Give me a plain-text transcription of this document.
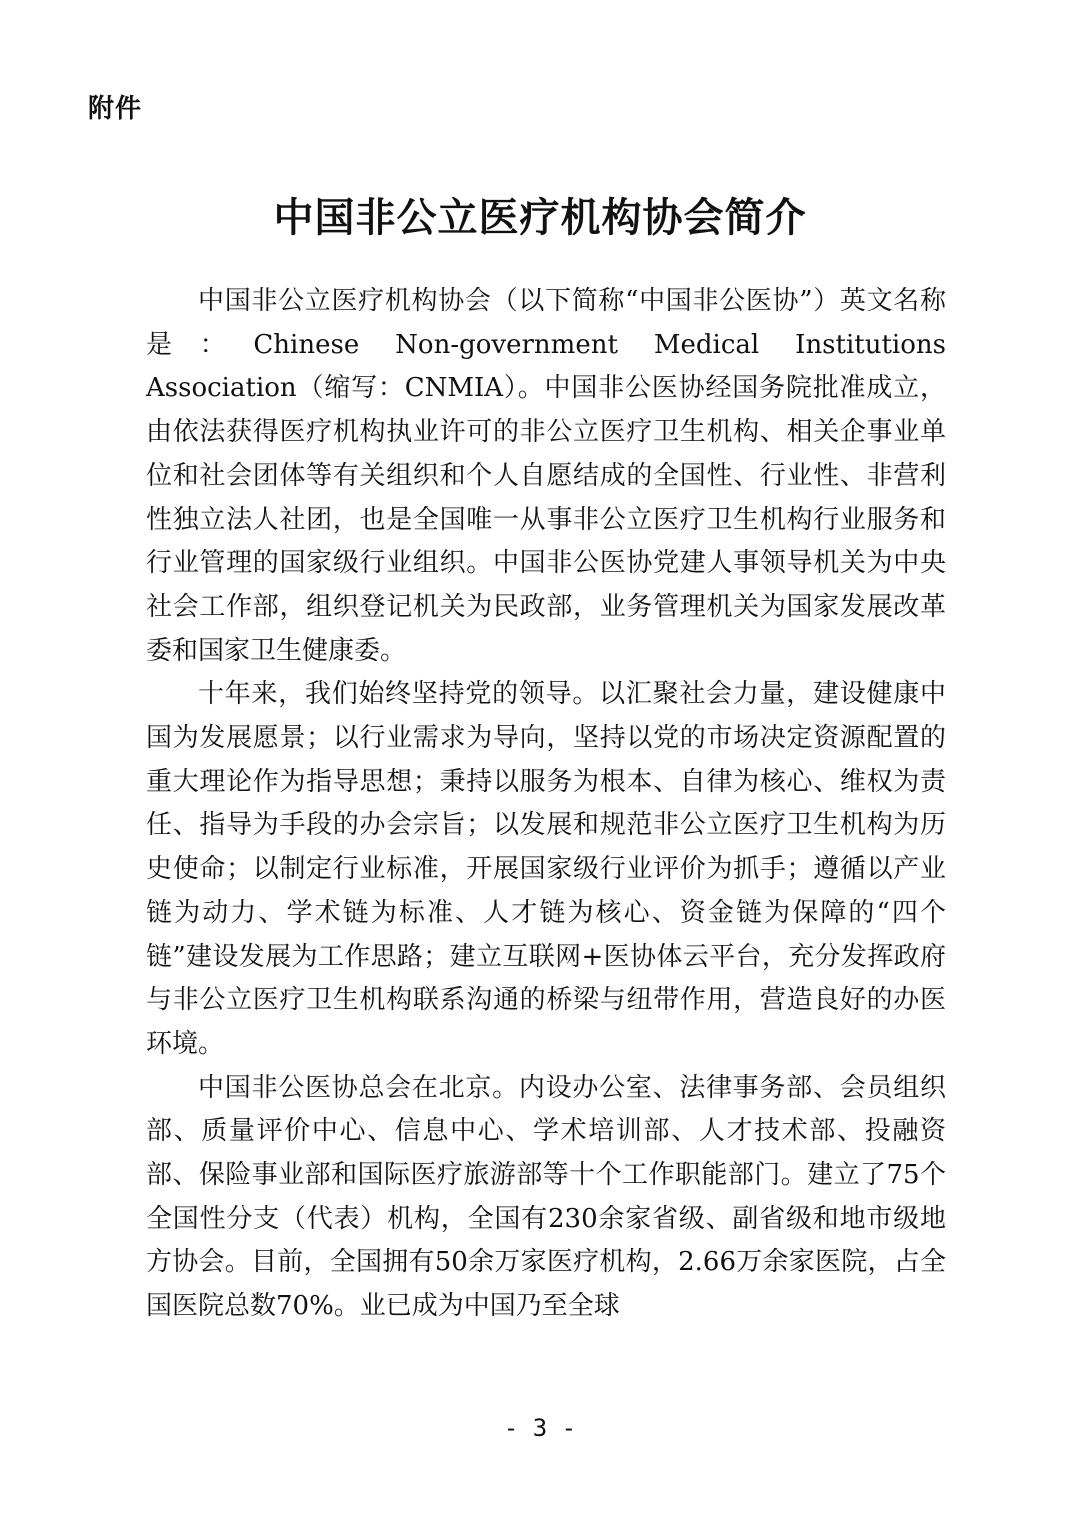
附件
中国非公立医疗机构协会简介

中国非公立医疗机构协会（以下简称“中国非公医协”）英文名称是：Chinese Non-government Medical Institutions Association（缩写：CNMIA）。中国非公医协经国务院批准成立，由依法获得医疗机构执业许可的非公立医疗卫生机构、相关企事业单位和社会团体等有关组织和个人自愿结成的全国性、行业性、非营利性独立法人社团，也是全国唯一从事非公立医疗卫生机构行业服务和行业管理的国家级行业组织。中国非公医协党建人事领导机关为中央社会工作部，组织登记机关为民政部，业务管理机关为国家发展改革委和国家卫生健康委。

十年来，我们始终坚持党的领导。以汇聚社会力量，建设健康中国为发展愿景；以行业需求为导向，坚持以党的市场决定资源配置的重大理论作为指导思想；秉持以服务为根本、自律为核心、维权为责任、指导为手段的办会宗旨；以发展和规范非公立医疗卫生机构为历史使命；以制定行业标准，开展国家级行业评价为抓手；遵循以产业链为动力、学术链为标准、人才链为核心、资金链为保障的“四个链”建设发展为工作思路；建立互联网+医协体云平台，充分发挥政府与非公立医疗卫生机构联系沟通的桥梁与纽带作用，营造良好的办医环境。

中国非公医协总会在北京。内设办公室、法律事务部、会员组织部、质量评价中心、信息中心、学术培训部、人才技术部、投融资部、保险事业部和国际医疗旅游部等十个工作职能部门。建立了75个全国性分支（代表）机构，全国有230余家省级、副省级和地市级地方协会。目前，全国拥有50余万家医疗机构，2.66万余家医院，占全国医院总数70%。业已成为中国乃至全球

- 3 -
